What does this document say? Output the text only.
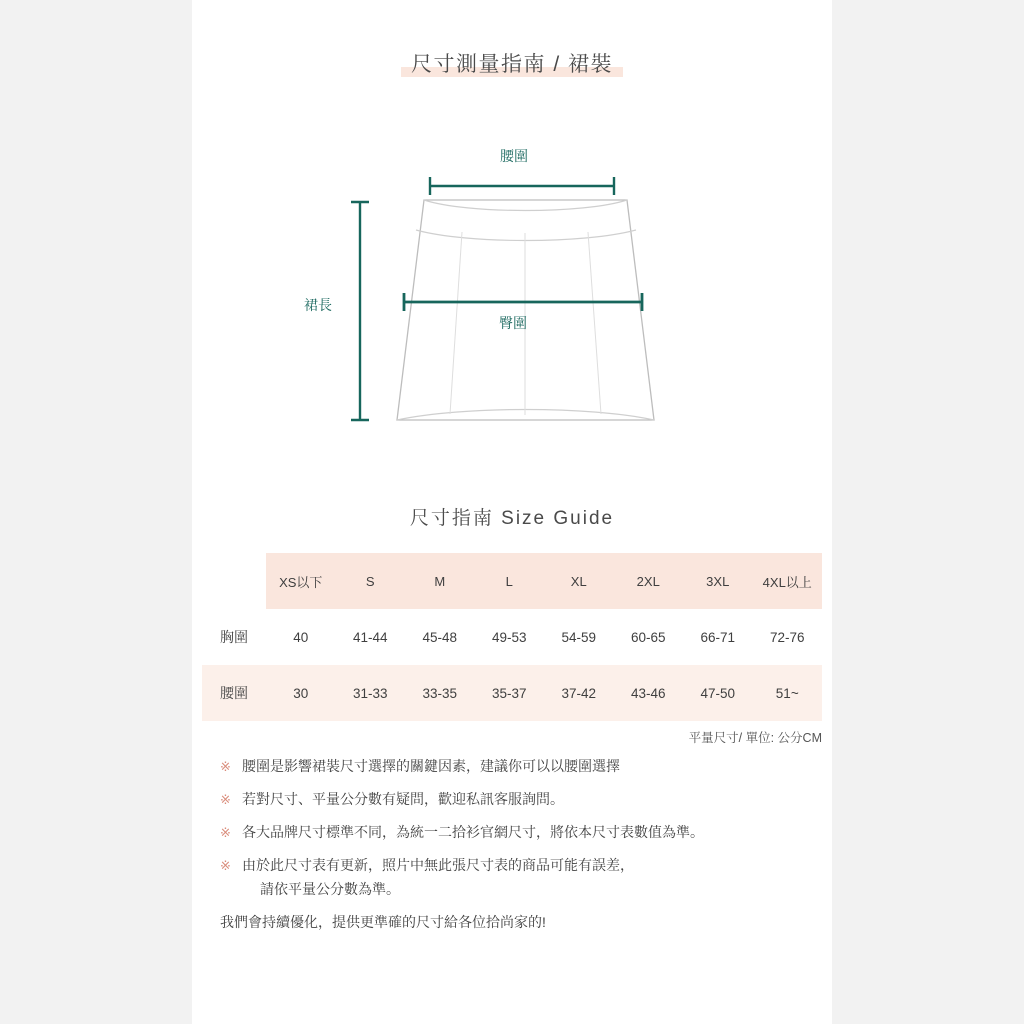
尺寸測量指南 / 裙裝
腰圍
臀圍
裙長
尺寸指南 Size Guide
	XS以下	S	M	L	XL	2XL	3XL	4XL以上
胸圍	40	41-44	45-48	49-53	54-59	60-65	66-71	72-76
腰圍	30	31-33	33-35	35-37	37-42	43-46	47-50	51~
平量尺寸/ 單位: 公分CM
※ 腰圍是影響裙裝尺寸選擇的關鍵因素，建議你可以以腰圍選擇
※ 若對尺寸、平量公分數有疑問，歡迎私訊客服詢問。
※ 各大品牌尺寸標準不同，為統一二拾衫官網尺寸，將依本尺寸表數值為準。
※ 由於此尺寸表有更新，照片中無此張尺寸表的商品可能有誤差，
請依平量公分數為準。
我們會持續優化，提供更準確的尺寸給各位拾尚家的!
